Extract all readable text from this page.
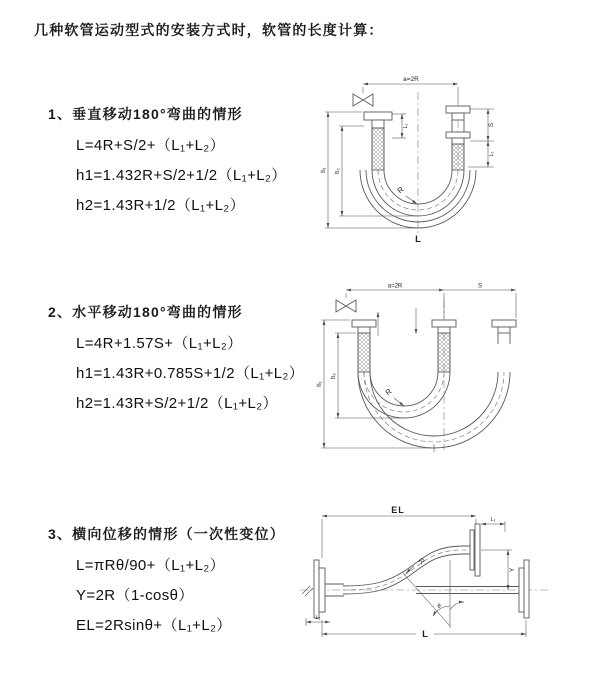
几种软管运动型式的安装方式时，软管的长度计算：
1、垂直移动180°弯曲的情形
L=4R+S/2+（L₁+L₂）
h1=1.432R+S/2+1/2（L₁+L₂）
h2=1.43R+1/2（L₁+L₂）
2、水平移动180°弯曲的情形
L=4R+1.57S+（L₁+L₂）
h1=1.43R+0.785S+1/2（L₁+L₂）
h2=1.43R+S/2+1/2（L₁+L₂）
3、横向位移的情形（一次性变位）
L=πRθ/90+（L₁+L₂）
Y=2R（1-cosθ）
EL=2Rsinθ+（L₁+L₂）
a=2R
h₁ h₂
S
L₁
L₁
R
L
a=2R	S
h₁
h₂
R
EL
L₁
Y
θ
R
L
L₁
